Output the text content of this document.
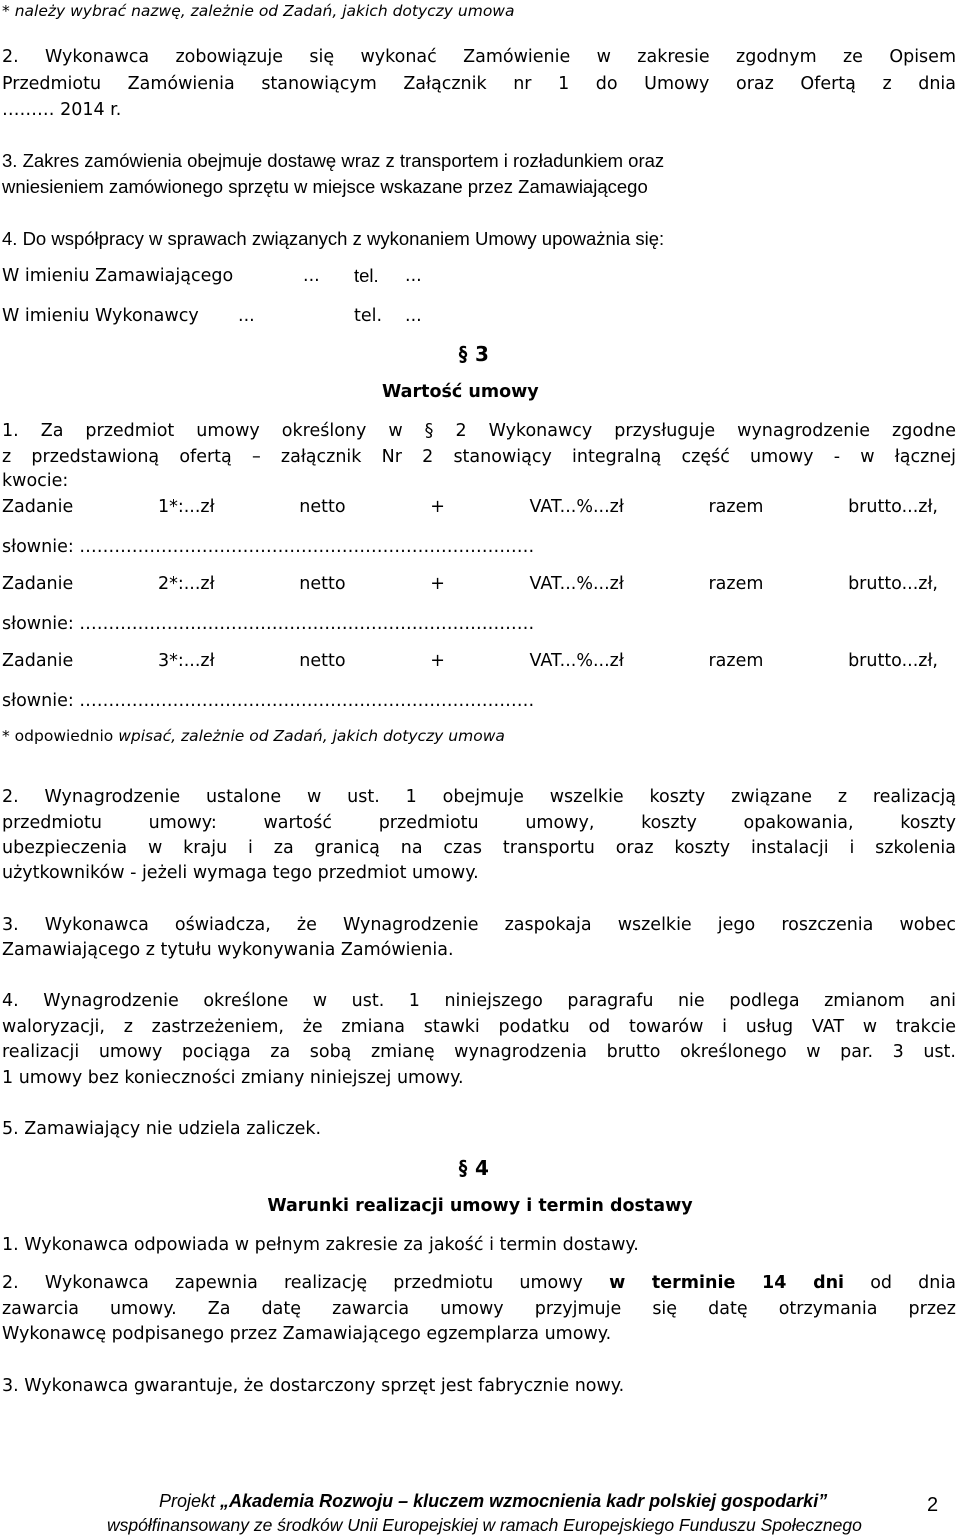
* należy wybrać nazwę, zależnie od Zadań, jakich dotyczy umowa
2. Wykonawca zobowiązuje się wykonać Zamówienie w zakresie zgodnym ze Opisem
Przedmiotu Zamówienia stanowiącym Załącznik nr 1 do Umowy oraz Ofertą z dnia
……… 2014 r.
3. Zakres zamówienia obejmuje dostawę wraz z transportem i rozładunkiem oraz
wniesieniem zamówionego sprzętu w miejsce wskazane przez Zamawiającego
4. Do współpracy w sprawach związanych z wykonaniem Umowy upoważnia się:
W imieniu Zamawiającego	... tel. ...
W imieniu Wykonawcy ...	tel. ...
§ 3
Wartość umowy
1. Za przedmiot umowy określony w § 2 Wykonawcy przysługuje wynagrodzenie zgodne
z przedstawioną ofertą – załącznik Nr 2 stanowiący integralną część umowy - w łącznej
kwocie:
Zadanie 1*:...zł netto + VAT...%...zł razem brutto...zł,
słownie: ……………………………………………………………………
Zadanie 2*:...zł netto + VAT...%...zł razem brutto...zł,
słownie: ……………………………………………………………………
Zadanie 3*:...zł netto + VAT...%...zł razem brutto...zł,
słownie: ……………………………………………………………………
* odpowiednio wpisać, zależnie od Zadań, jakich dotyczy umowa
2. Wynagrodzenie ustalone w ust. 1 obejmuje wszelkie koszty związane z realizacją
przedmiotu umowy: wartość przedmiotu umowy, koszty opakowania, koszty
ubezpieczenia w kraju i za granicą na czas transportu oraz koszty instalacji i szkolenia
użytkowników - jeżeli wymaga tego przedmiot umowy.
3. Wykonawca oświadcza, że Wynagrodzenie zaspokaja wszelkie jego roszczenia wobec
Zamawiającego z tytułu wykonywania Zamówienia.
4. Wynagrodzenie określone w ust. 1 niniejszego paragrafu nie podlega zmianom ani
waloryzacji, z zastrzeżeniem, że zmiana stawki podatku od towarów i usług VAT w trakcie
realizacji umowy pociąga za sobą zmianę wynagrodzenia brutto określonego w par. 3 ust.
1 umowy bez konieczności zmiany niniejszej umowy.
5. Zamawiający nie udziela zaliczek.
§ 4
Warunki realizacji umowy i termin dostawy
1. Wykonawca odpowiada w pełnym zakresie za jakość i termin dostawy.
2. Wykonawca zapewnia realizację przedmiotu umowy w terminie 14 dni od dnia
zawarcia umowy. Za datę zawarcia umowy przyjmuje się datę otrzymania przez
Wykonawcę podpisanego przez Zamawiającego egzemplarza umowy.
3. Wykonawca gwarantuje, że dostarczony sprzęt jest fabrycznie nowy.
Projekt „Akademia Rozwoju – kluczem wzmocnienia kadr polskiej gospodarki”
współfinansowany ze środków Unii Europejskiej w ramach Europejskiego Funduszu Społecznego
2
